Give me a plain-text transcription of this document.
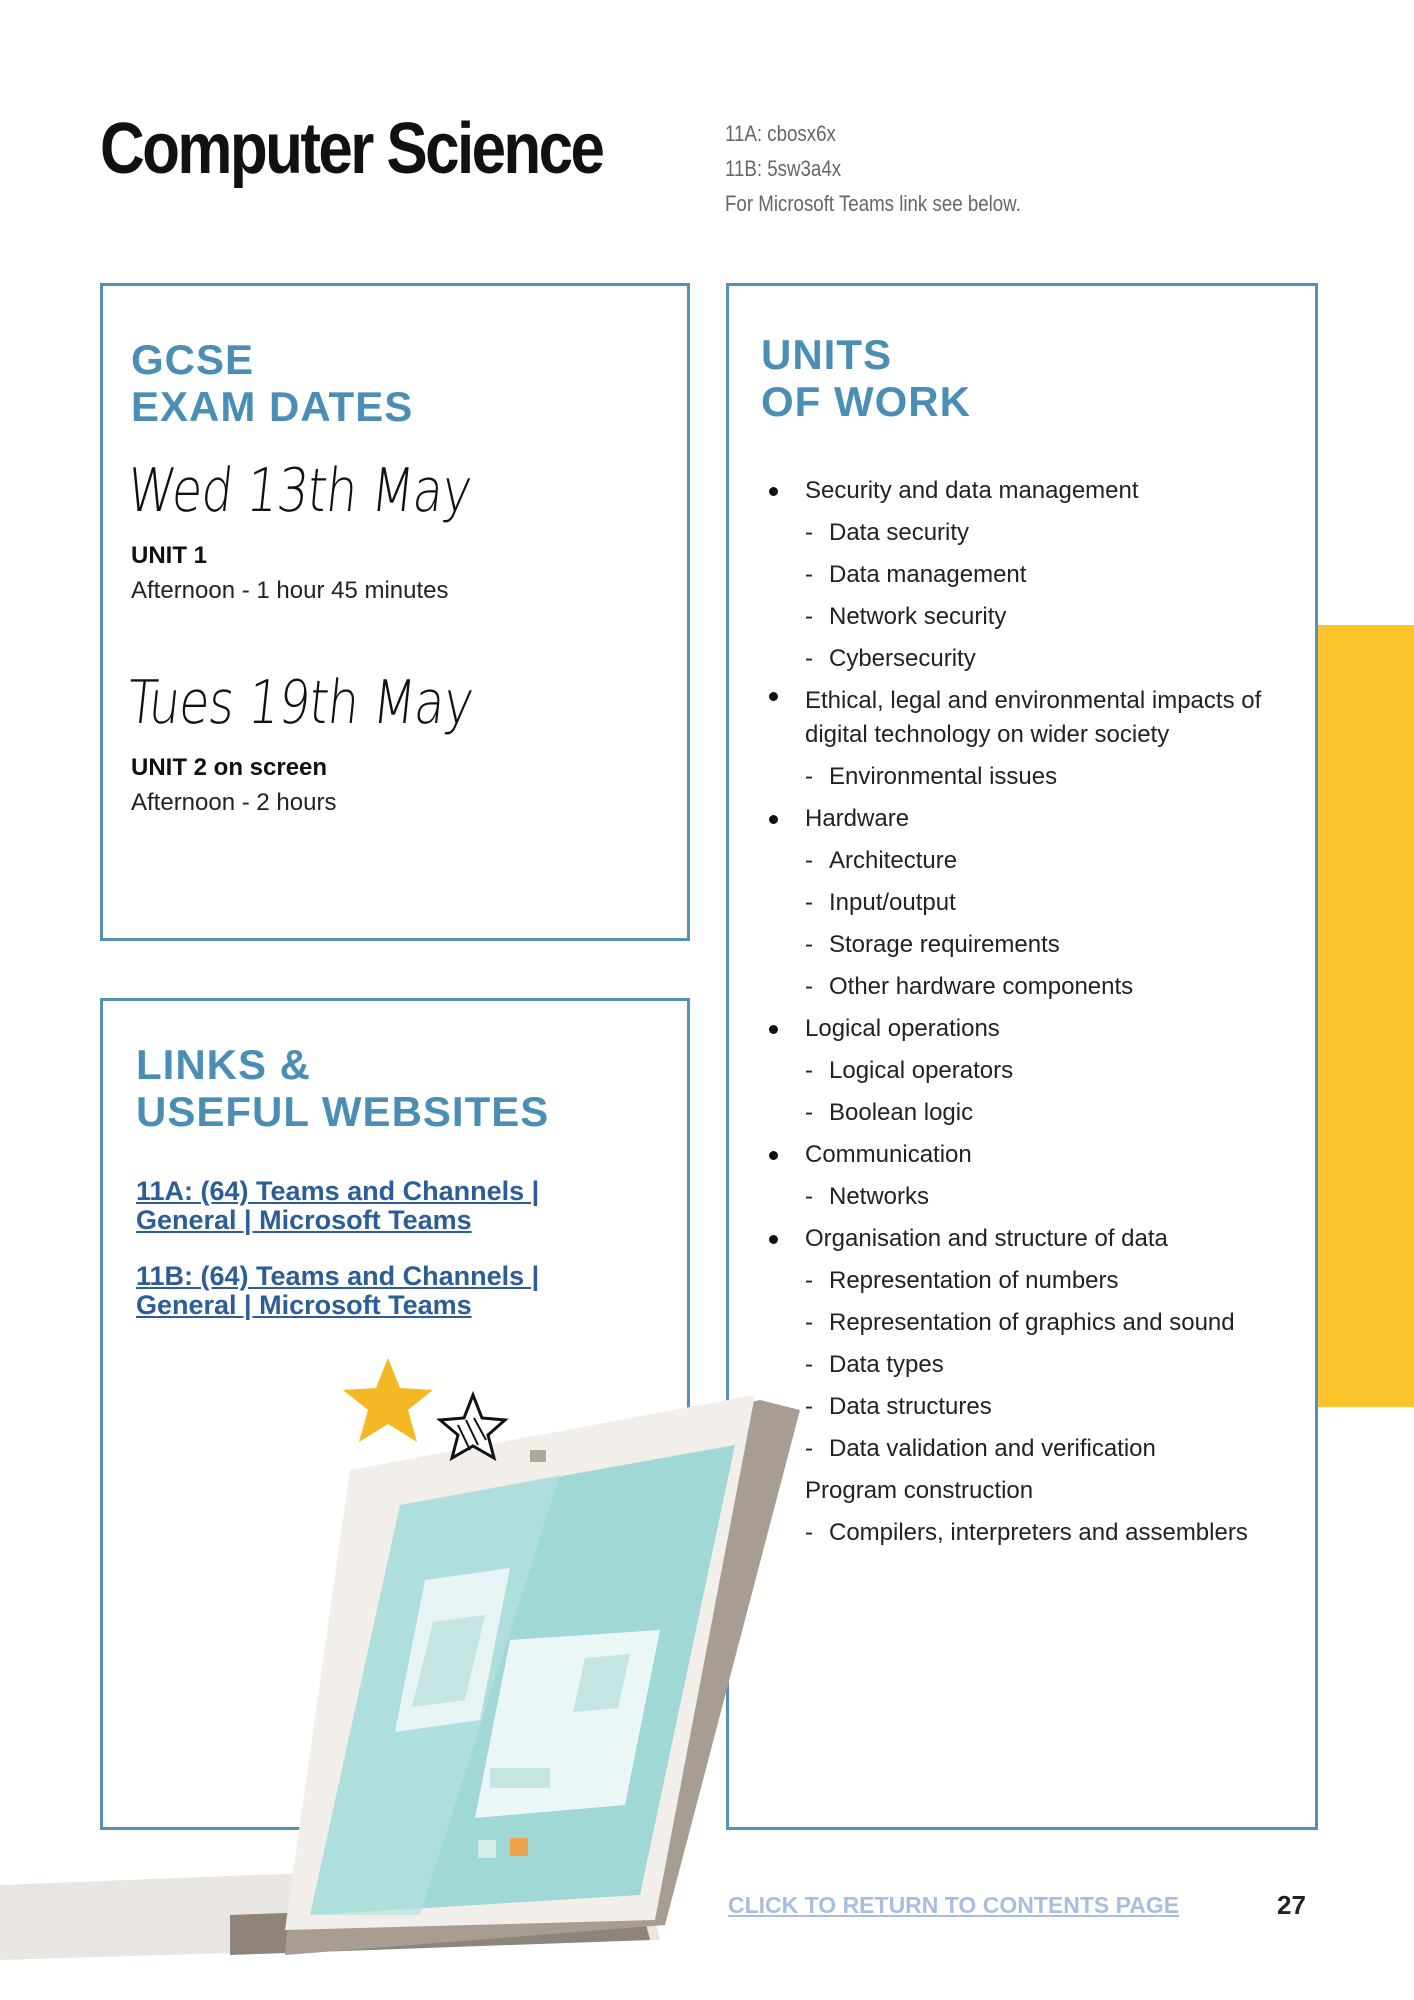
Computer Science	11A: cbosx6x
11B: 5sw3a4x
For Microsoft Teams link see below.
GCSE
EXAM DATES
Wed 13th May
UNIT 1
Afternoon - 1 hour 45 minutes
Tues 19th May
UNIT 2 on screen
Afternoon - 2 hours
LINKS &
USEFUL WEBSITES
11A: (64) Teams and Channels |
General | Microsoft Teams
11B: (64) Teams and Channels |
General | Microsoft Teams
UNITS
OF WORK
Security and data management
- Data security
- Data management
- Network security
- Cybersecurity
Ethical, legal and environmental impacts of digital technology on wider society
- Environmental issues
Hardware
- Architecture
- Input/output
- Storage requirements
- Other hardware components
Logical operations
- Logical operators
- Boolean logic
Communication
- Networks
Organisation and structure of data
- Representation of numbers
- Representation of graphics and sound
- Data types
- Data structures
- Data validation and verification
Program construction
- Compilers, interpreters and assemblers
CLICK TO RETURN TO CONTENTS PAGE	27
